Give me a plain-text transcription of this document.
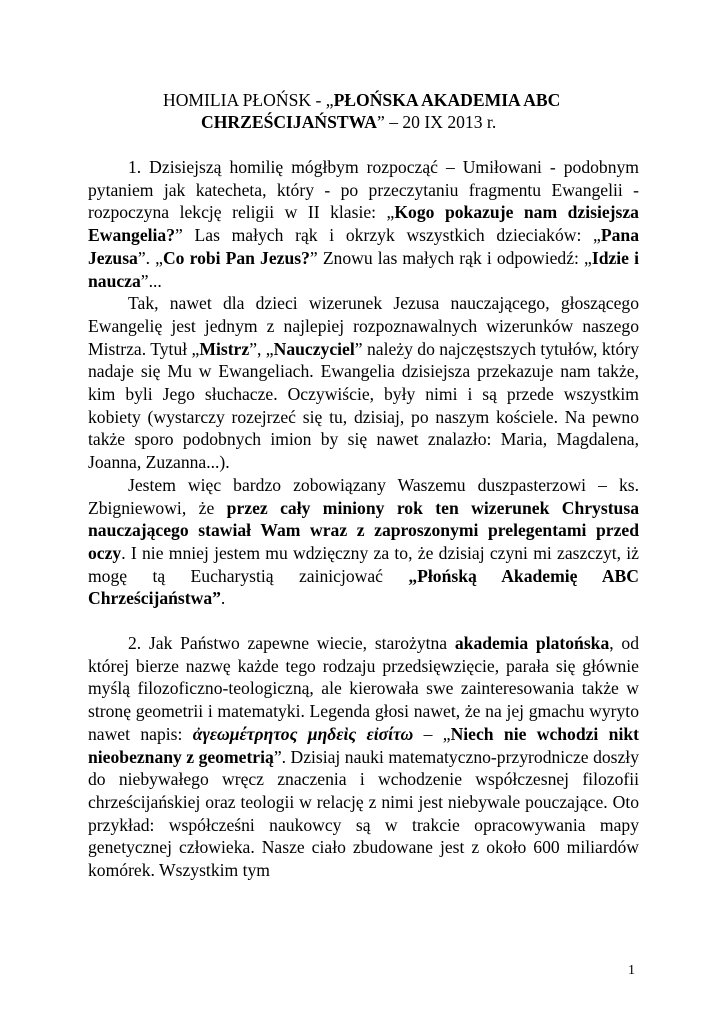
HOMILIA PŁOŃSK - „PŁOŃSKA AKADEMIA ABC
CHRZEŚCIJAŃSTWA” – 20 IX 2013 r.

1. Dzisiejszą homilię mógłbym rozpocząć – Umiłowani - podobnym pytaniem jak katecheta, który - po przeczytaniu fragmentu Ewangelii - rozpoczyna lekcję religii w II klasie: „Kogo pokazuje nam dzisiejsza Ewangelia?” Las małych rąk i okrzyk wszystkich dzieciaków: „Pana Jezusa”. „Co robi Pan Jezus?” Znowu las małych rąk i odpowiedź: „Idzie i naucza”...

Tak, nawet dla dzieci wizerunek Jezusa nauczającego, głoszącego Ewangelię jest jednym z najlepiej rozpoznawalnych wizerunków naszego Mistrza. Tytuł „Mistrz”, „Nauczyciel” należy do najczęstszych tytułów, który nadaje się Mu w Ewangeliach. Ewangelia dzisiejsza przekazuje nam także, kim byli Jego słuchacze. Oczywiście, były nimi i są przede wszystkim kobiety (wystarczy rozejrzeć się tu, dzisiaj, po naszym kościele. Na pewno także sporo podobnych imion by się nawet znalazło: Maria, Magdalena, Joanna, Zuzanna...).

Jestem więc bardzo zobowiązany Waszemu duszpasterzowi – ks. Zbigniewowi, że przez cały miniony rok ten wizerunek Chrystusa nauczającego stawiał Wam wraz z zaproszonymi prelegentami przed oczy. I nie mniej jestem mu wdzięczny za to, że dzisiaj czyni mi zaszczyt, iż mogę tą Eucharystią zainicjować „Płońską Akademię ABC Chrześcijaństwa”.

2. Jak Państwo zapewne wiecie, starożytna akademia platońska, od której bierze nazwę każde tego rodzaju przedsięwzięcie, parała się głównie myślą filozoficzno-teologiczną, ale kierowała swe zainteresowania także w stronę geometrii i matematyki. Legenda głosi nawet, że na jej gmachu wyryto nawet napis: ἀγεωμέτρητος μηδεὶς εἰσίτω – „Niech nie wchodzi nikt nieobeznany z geometrią”. Dzisiaj nauki matematyczno-przyrodnicze doszły do niebywałego wręcz znaczenia i wchodzenie współczesnej filozofii chrześcijańskiej oraz teologii w relację z nimi jest niebywale pouczające. Oto przykład: współcześni naukowcy są w trakcie opracowywania mapy genetycznej człowieka. Nasze ciało zbudowane jest z około 600 miliardów komórek. Wszystkim tym

1
